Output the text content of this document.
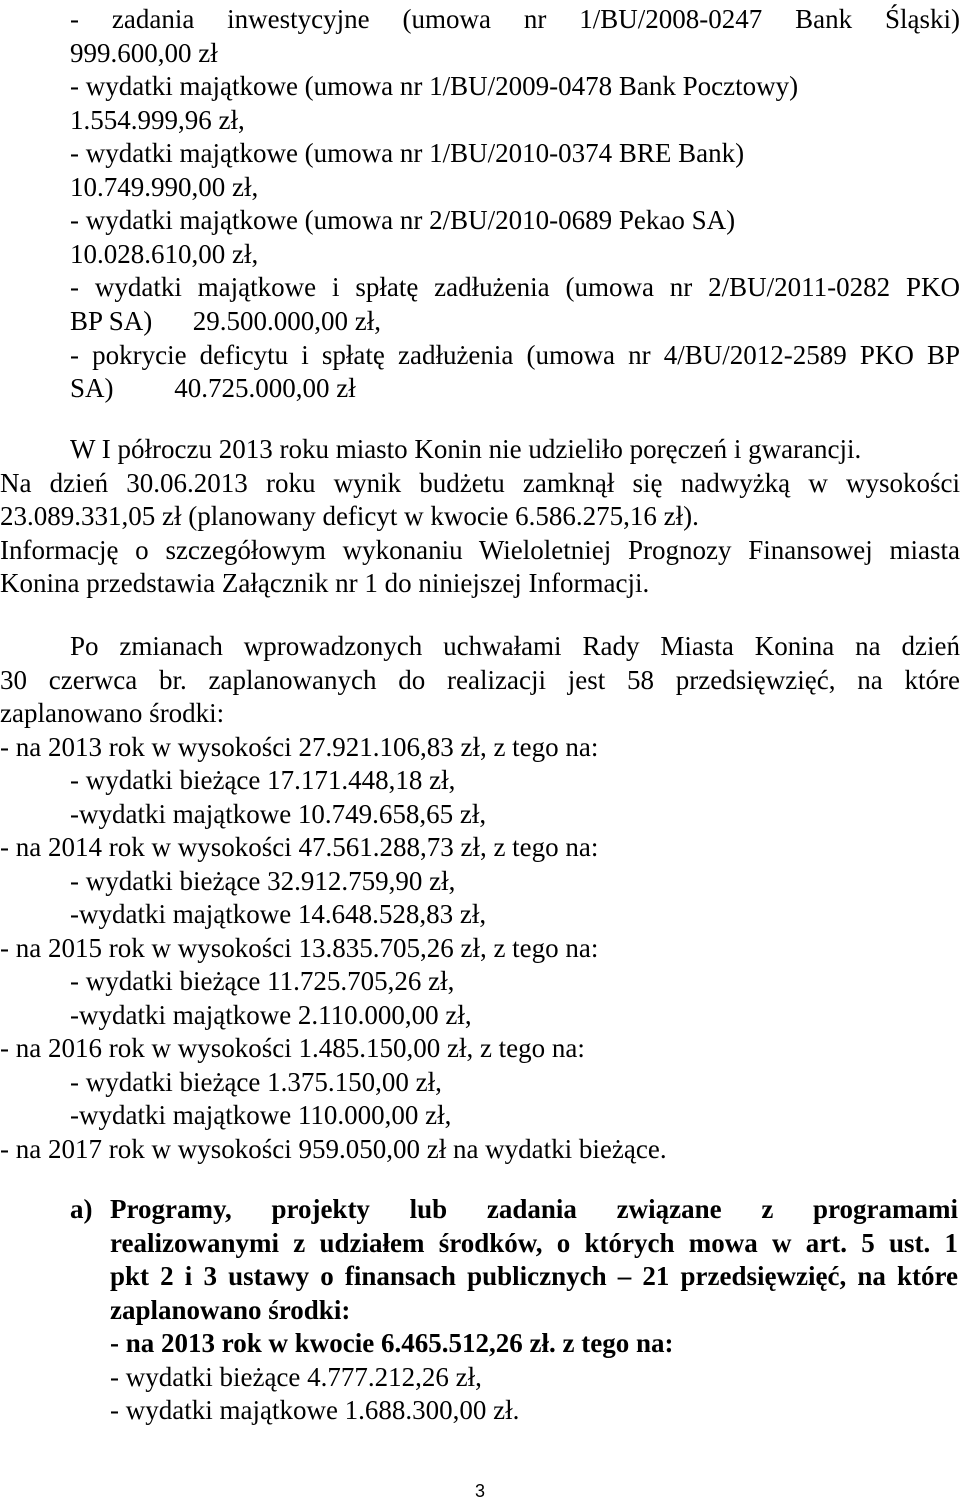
- zadania inwestycyjne (umowa nr 1/BU/2008-0247 Bank Śląski)
999.600,00 zł
- wydatki majątkowe (umowa nr 1/BU/2009-0478 Bank Pocztowy)
1.554.999,96 zł,
- wydatki majątkowe (umowa nr 1/BU/2010-0374 BRE Bank)
10.749.990,00 zł,
- wydatki majątkowe (umowa nr 2/BU/2010-0689 Pekao SA)
10.028.610,00 zł,
- wydatki majątkowe i spłatę zadłużenia (umowa nr 2/BU/2011-0282 PKO
BP SA)      29.500.000,00 zł,
- pokrycie deficytu i spłatę zadłużenia (umowa nr 4/BU/2012-2589 PKO BP
SA)         40.725.000,00 zł
W I półroczu 2013 roku miasto Konin nie udzieliło poręczeń i gwarancji.
Na dzień 30.06.2013 roku wynik budżetu zamknął się nadwyżką w wysokości
23.089.331,05 zł (planowany deficyt w kwocie 6.586.275,16 zł).
Informację o szczegółowym wykonaniu Wieloletniej Prognozy Finansowej miasta
Konina przedstawia Załącznik nr 1 do niniejszej Informacji.
Po zmianach wprowadzonych uchwałami Rady Miasta Konina na dzień
30 czerwca br. zaplanowanych do realizacji jest 58 przedsięwzięć, na które
zaplanowano środki:
- na 2013 rok w wysokości 27.921.106,83 zł, z tego na:
- wydatki bieżące 17.171.448,18 zł,
-wydatki majątkowe 10.749.658,65 zł,
- na 2014 rok w wysokości 47.561.288,73 zł, z tego na:
- wydatki bieżące 32.912.759,90 zł,
-wydatki majątkowe 14.648.528,83 zł,
- na 2015 rok w wysokości 13.835.705,26 zł, z tego na:
- wydatki bieżące 11.725.705,26 zł,
-wydatki majątkowe 2.110.000,00 zł,
- na 2016 rok w wysokości 1.485.150,00 zł, z tego na:
- wydatki bieżące 1.375.150,00 zł,
-wydatki majątkowe 110.000,00 zł,
- na 2017 rok w wysokości 959.050,00 zł na wydatki bieżące.
a) Programy, projekty lub zadania związane z programami
realizowanymi z udziałem środków, o których mowa w art. 5 ust. 1
pkt 2 i 3 ustawy o finansach publicznych – 21 przedsięwzięć, na które
zaplanowano środki:
- na 2013 rok w kwocie 6.465.512,26 zł. z tego na:
- wydatki bieżące 4.777.212,26 zł,
- wydatki majątkowe 1.688.300,00 zł.
3
